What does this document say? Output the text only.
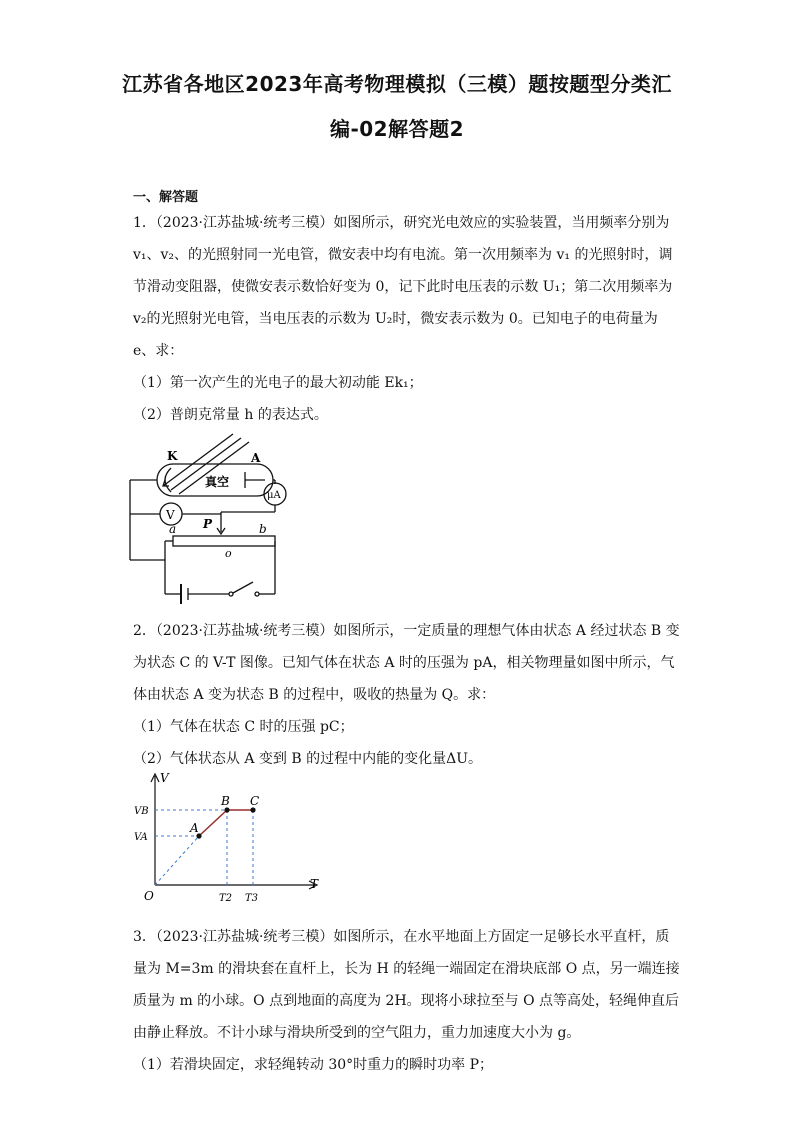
江苏省各地区2023年高考物理模拟（三模）题按题型分类汇
编-02解答题2
一、解答题
1．（2023·江苏盐城·统考三模）如图所示，研究光电效应的实验装置，当用频率分别为
v₁、v₂、的光照射同一光电管，微安表中均有电流。第一次用频率为 v₁ 的光照射时，调
节滑动变阻器，使微安表示数恰好变为 0，记下此时电压表的示数 U₁；第二次用频率为
v₂的光照射光电管，当电压表的示数为 U₂时，微安表示数为 0。已知电子的电荷量为
e、求：
（1）第一次产生的光电子的最大初动能 Ek₁；
（2）普朗克常量 h 的表达式。
K	A
真空
μA
V
P
a	b
o
2．（2023·江苏盐城·统考三模）如图所示，一定质量的理想气体由状态 A 经过状态 B 变
为状态 C 的 V-T 图像。已知气体在状态 A 时的压强为 pA，相关物理量如图中所示，气
体由状态 A 变为状态 B 的过程中，吸收的热量为 Q。求：
（1）气体在状态 C 时的压强 pC；
（2）气体状态从 A 变到 B 的过程中内能的变化量ΔU。
V
T
O
VB
VA
A
B C
T2 T3
3．（2023·江苏盐城·统考三模）如图所示，在水平地面上方固定一足够长水平直杆，质
量为 M=3m 的滑块套在直杆上，长为 H 的轻绳一端固定在滑块底部 O 点，另一端连接
质量为 m 的小球。O 点到地面的高度为 2H。现将小球拉至与 O 点等高处，轻绳伸直后
由静止释放。不计小球与滑块所受到的空气阻力，重力加速度大小为 g。
（1）若滑块固定，求轻绳转动 30°时重力的瞬时功率 P；
